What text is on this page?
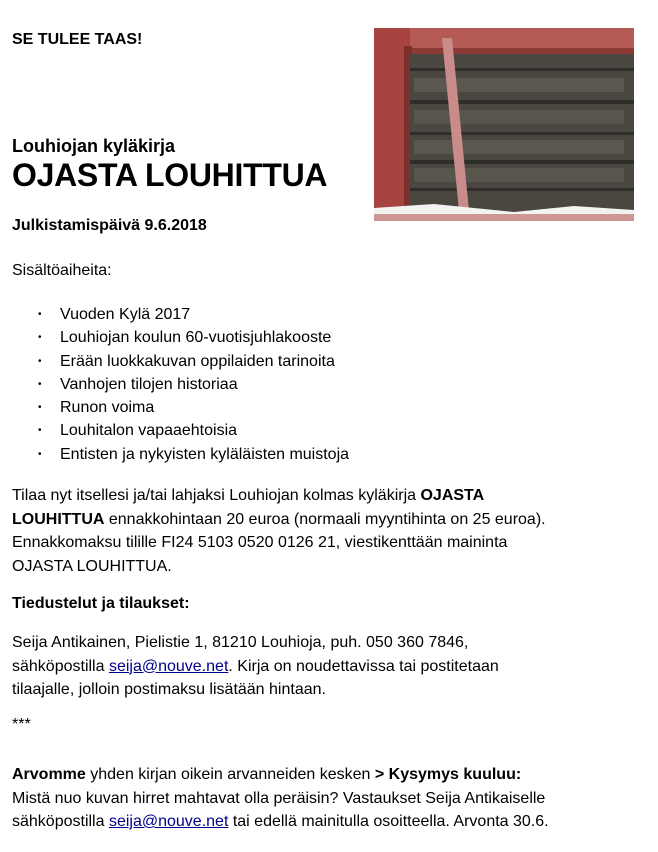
SE TULEE TAAS!
Louhiojan kyläkirja
OJASTA LOUHITTUA
Julkistamispäivä 9.6.2018
Sisältöaiheita:
• Vuoden Kylä 2017
• Louhiojan koulun 60-vuotisjuhlakooste
• Erään luokkakuvan oppilaiden tarinoita
• Vanhojen tilojen historiaa
• Runon voima
• Louhitalon vapaaehtoisia
• Entisten ja nykyisten kyläläisten muistoja
Tilaa nyt itsellesi ja/tai lahjaksi Louhiojan kolmas kyläkirja OJASTA
LOUHITTUA ennakkohintaan 20 euroa (normaali myyntihinta on 25 euroa).
Ennakkomaksu tilille FI24 5103 0520 0126 21, viestikenttään maininta
OJASTA LOUHITTUA.
Tiedustelut ja tilaukset:
Seija Antikainen, Pielistie 1, 81210 Louhioja, puh. 050 360 7846,
sähköpostilla seija@nouve.net. Kirja on noudettavissa tai postitetaan
tilaajalle, jolloin postimaksu lisätään hintaan.
***
Arvomme yhden kirjan oikein arvanneiden kesken > Kysymys kuuluu:
Mistä nuo kuvan hirret mahtavat olla peräisin? Vastaukset Seija Antikaiselle
sähköpostilla seija@nouve.net tai edellä mainitulla osoitteella. Arvonta 30.6.
